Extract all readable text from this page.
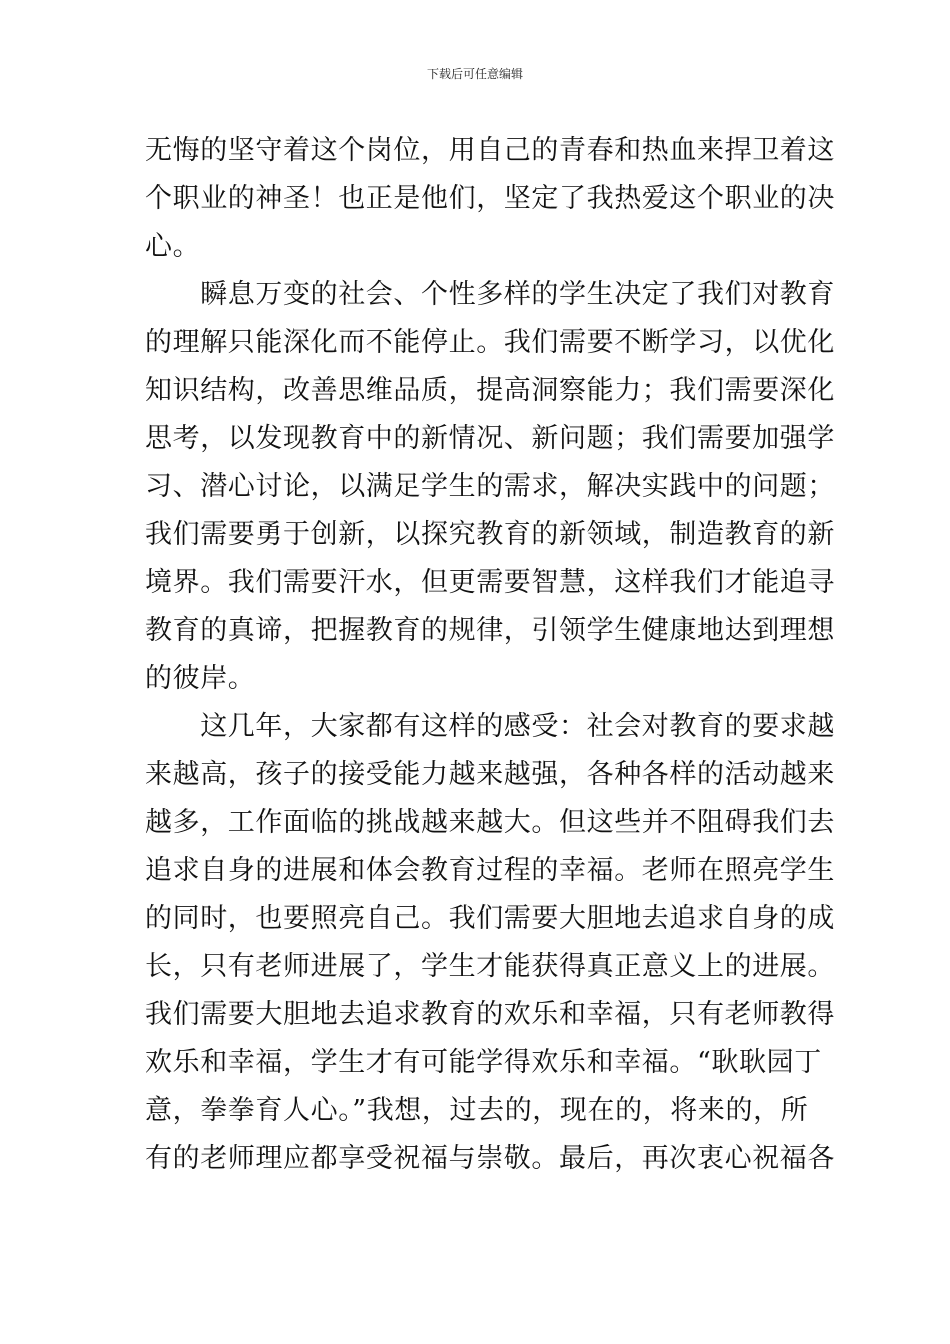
下载后可任意编辑
无悔的坚守着这个岗位，用自己的青春和热血来捍卫着这
个职业的神圣！也正是他们，坚定了我热爱这个职业的决
心。
　　瞬息万变的社会、个性多样的学生决定了我们对教育
的理解只能深化而不能停止。我们需要不断学习，以优化
知识结构，改善思维品质，提高洞察能力；我们需要深化
思考，以发现教育中的新情况、新问题；我们需要加强学
习、潜心讨论，以满足学生的需求，解决实践中的问题；
我们需要勇于创新，以探究教育的新领域，制造教育的新
境界。我们需要汗水，但更需要智慧，这样我们才能追寻
教育的真谛，把握教育的规律，引领学生健康地达到理想
的彼岸。
　　这几年，大家都有这样的感受：社会对教育的要求越
来越高，孩子的接受能力越来越强，各种各样的活动越来
越多，工作面临的挑战越来越大。但这些并不阻碍我们去
追求自身的进展和体会教育过程的幸福。老师在照亮学生
的同时，也要照亮自己。我们需要大胆地去追求自身的成
长，只有老师进展了，学生才能获得真正意义上的进展。
我们需要大胆地去追求教育的欢乐和幸福，只有老师教得
欢乐和幸福，学生才有可能学得欢乐和幸福。“耿耿园丁
意，拳拳育人心。”我想，过去的，现在的，将来的，所
有的老师理应都享受祝福与崇敬。最后，再次衷心祝福各
